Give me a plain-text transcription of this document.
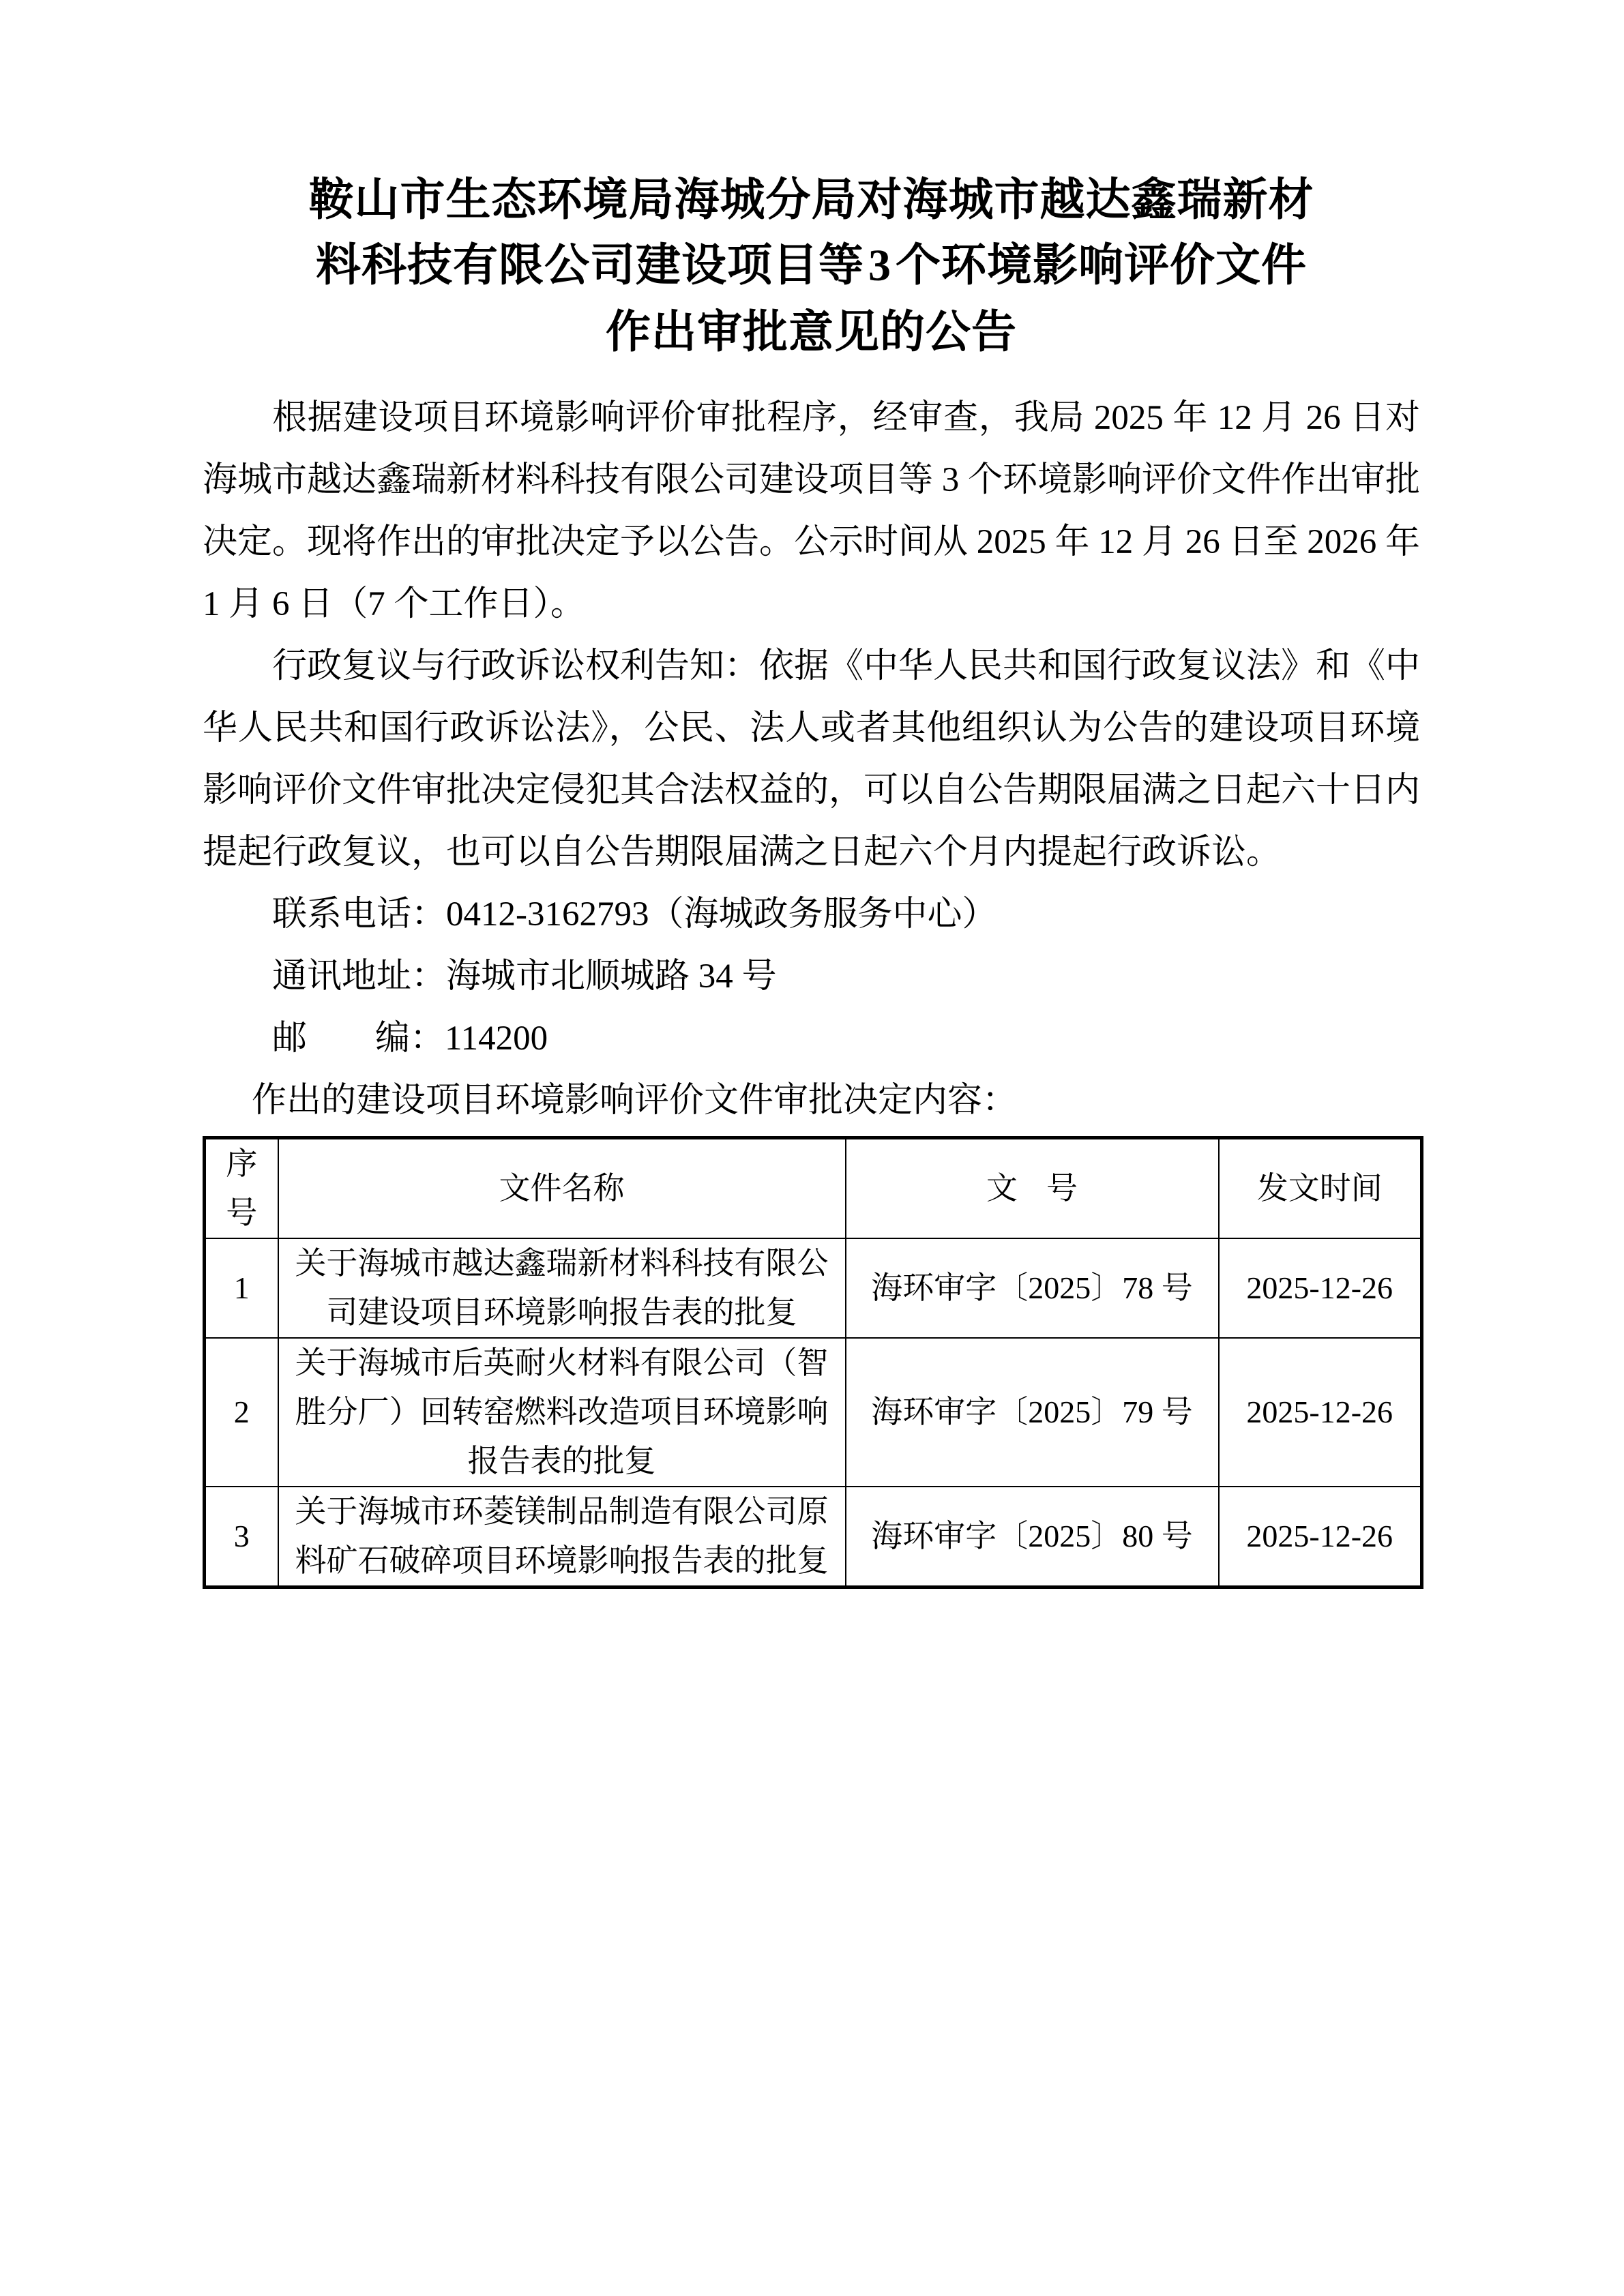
鞍山市生态环境局海城分局对海城市越达鑫瑞新材
料科技有限公司建设项目等3个环境影响评价文件
作出审批意见的公告

根据建设项目环境影响评价审批程序，经审查，我局 2025 年 12 月 26 日对海城市越达鑫瑞新材料科技有限公司建设项目等 3 个环境影响评价文件作出审批决定。现将作出的审批决定予以公告。公示时间从 2025 年 12 月 26 日至 2026 年 1 月 6 日（7 个工作日）。

行政复议与行政诉讼权利告知：依据《中华人民共和国行政复议法》和《中华人民共和国行政诉讼法》，公民、法人或者其他组织认为公告的建设项目环境影响评价文件审批决定侵犯其合法权益的，可以自公告期限届满之日起六十日内提起行政复议，也可以自公告期限届满之日起六个月内提起行政诉讼。

联系电话：0412-3162793（海城政务服务中心）

通讯地址：海城市北顺城路 34 号

邮 编：114200

作出的建设项目环境影响评价文件审批决定内容：

序
号	文件名称	文 号	发文时间
1	关于海城市越达鑫瑞新材料科技有限公司建设项目环境影响报告表的批复	海环审字〔2025〕78 号	2025-12-26
2	关于海城市后英耐火材料有限公司（智胜分厂）回转窑燃料改造项目环境影响报告表的批复	海环审字〔2025〕79 号	2025-12-26
3	关于海城市环菱镁制品制造有限公司原料矿石破碎项目环境影响报告表的批复	海环审字〔2025〕80 号	2025-12-26
